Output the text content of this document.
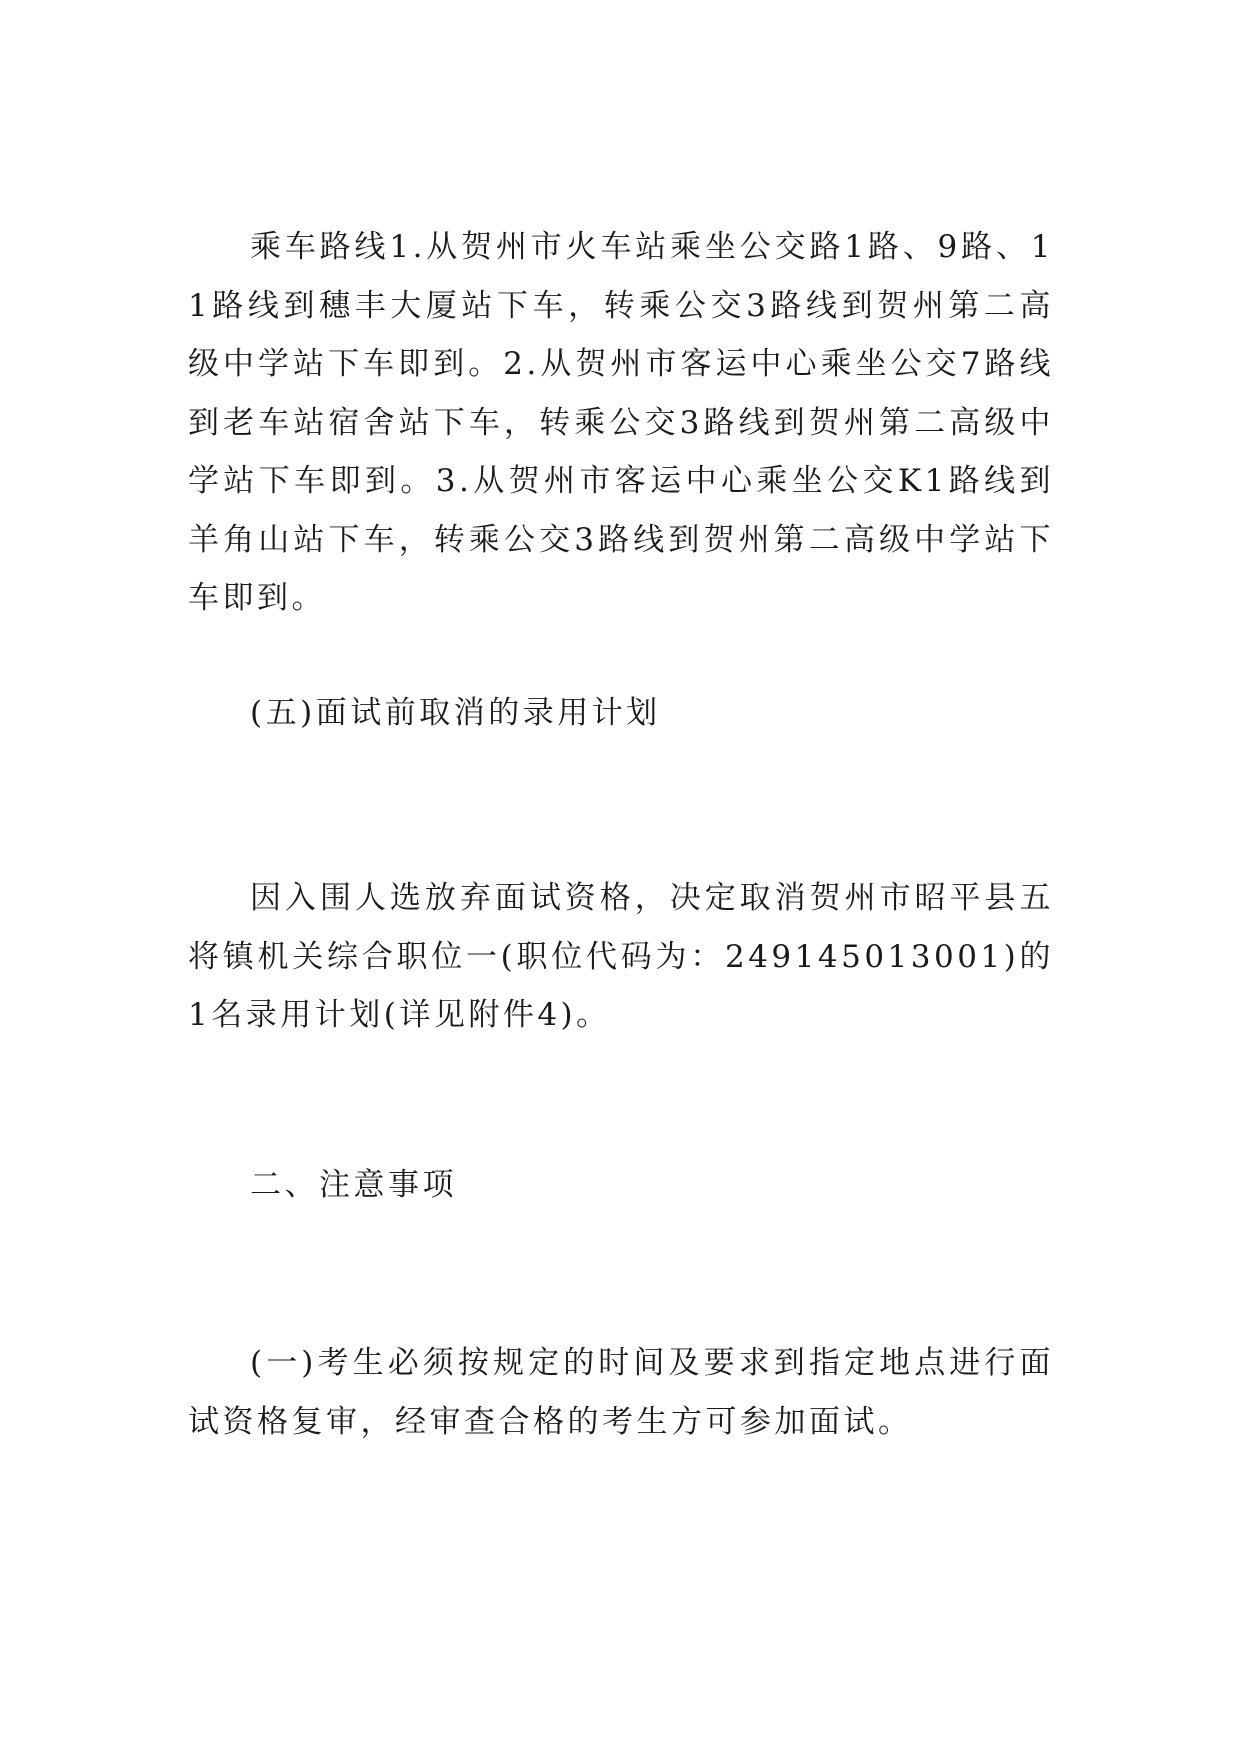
乘车路线1.从贺州市火车站乘坐公交路1路、9路、11路线到穗丰大厦站下车，转乘公交3路线到贺州第二高级中学站下车即到。2.从贺州市客运中心乘坐公交7路线到老车站宿舍站下车，转乘公交3路线到贺州第二高级中学站下车即到。3.从贺州市客运中心乘坐公交K1路线到羊角山站下车，转乘公交3路线到贺州第二高级中学站下车即到。

(五)面试前取消的录用计划

因入围人选放弃面试资格，决定取消贺州市昭平县五将镇机关综合职位一(职位代码为：249145013001)的1名录用计划(详见附件4)。

二、注意事项

(一)考生必须按规定的时间及要求到指定地点进行面试资格复审，经审查合格的考生方可参加面试。
